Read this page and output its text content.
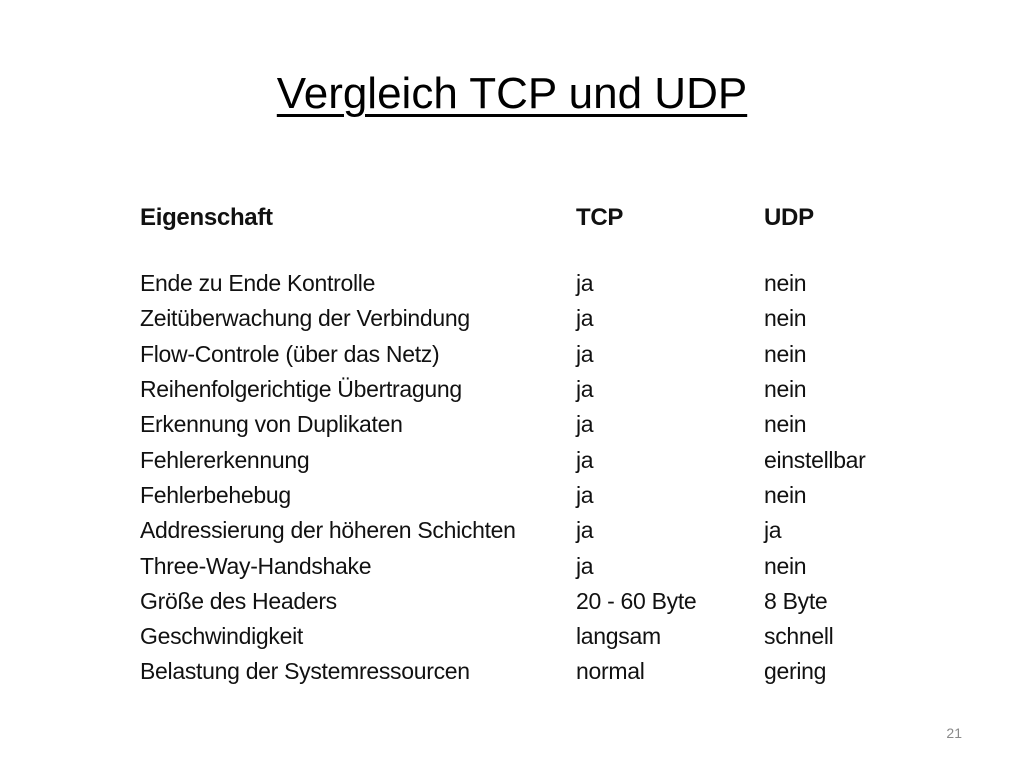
Vergleich TCP und UDP
Eigenschaft	TCP	UDP
Ende zu Ende Kontrolle	ja	nein
Zeitüberwachung der Verbindung	ja	nein
Flow-Controle (über das Netz)	ja	nein
Reihenfolgerichtige Übertragung	ja	nein
Erkennung von Duplikaten	ja	nein
Fehlererkennung	ja	einstellbar
Fehlerbehebug	ja	nein
Addressierung der höheren Schichten	ja	ja
Three-Way-Handshake	ja	nein
Größe des Headers	20 - 60 Byte	8 Byte
Geschwindigkeit	langsam	schnell
Belastung der Systemressourcen	normal	gering
21
